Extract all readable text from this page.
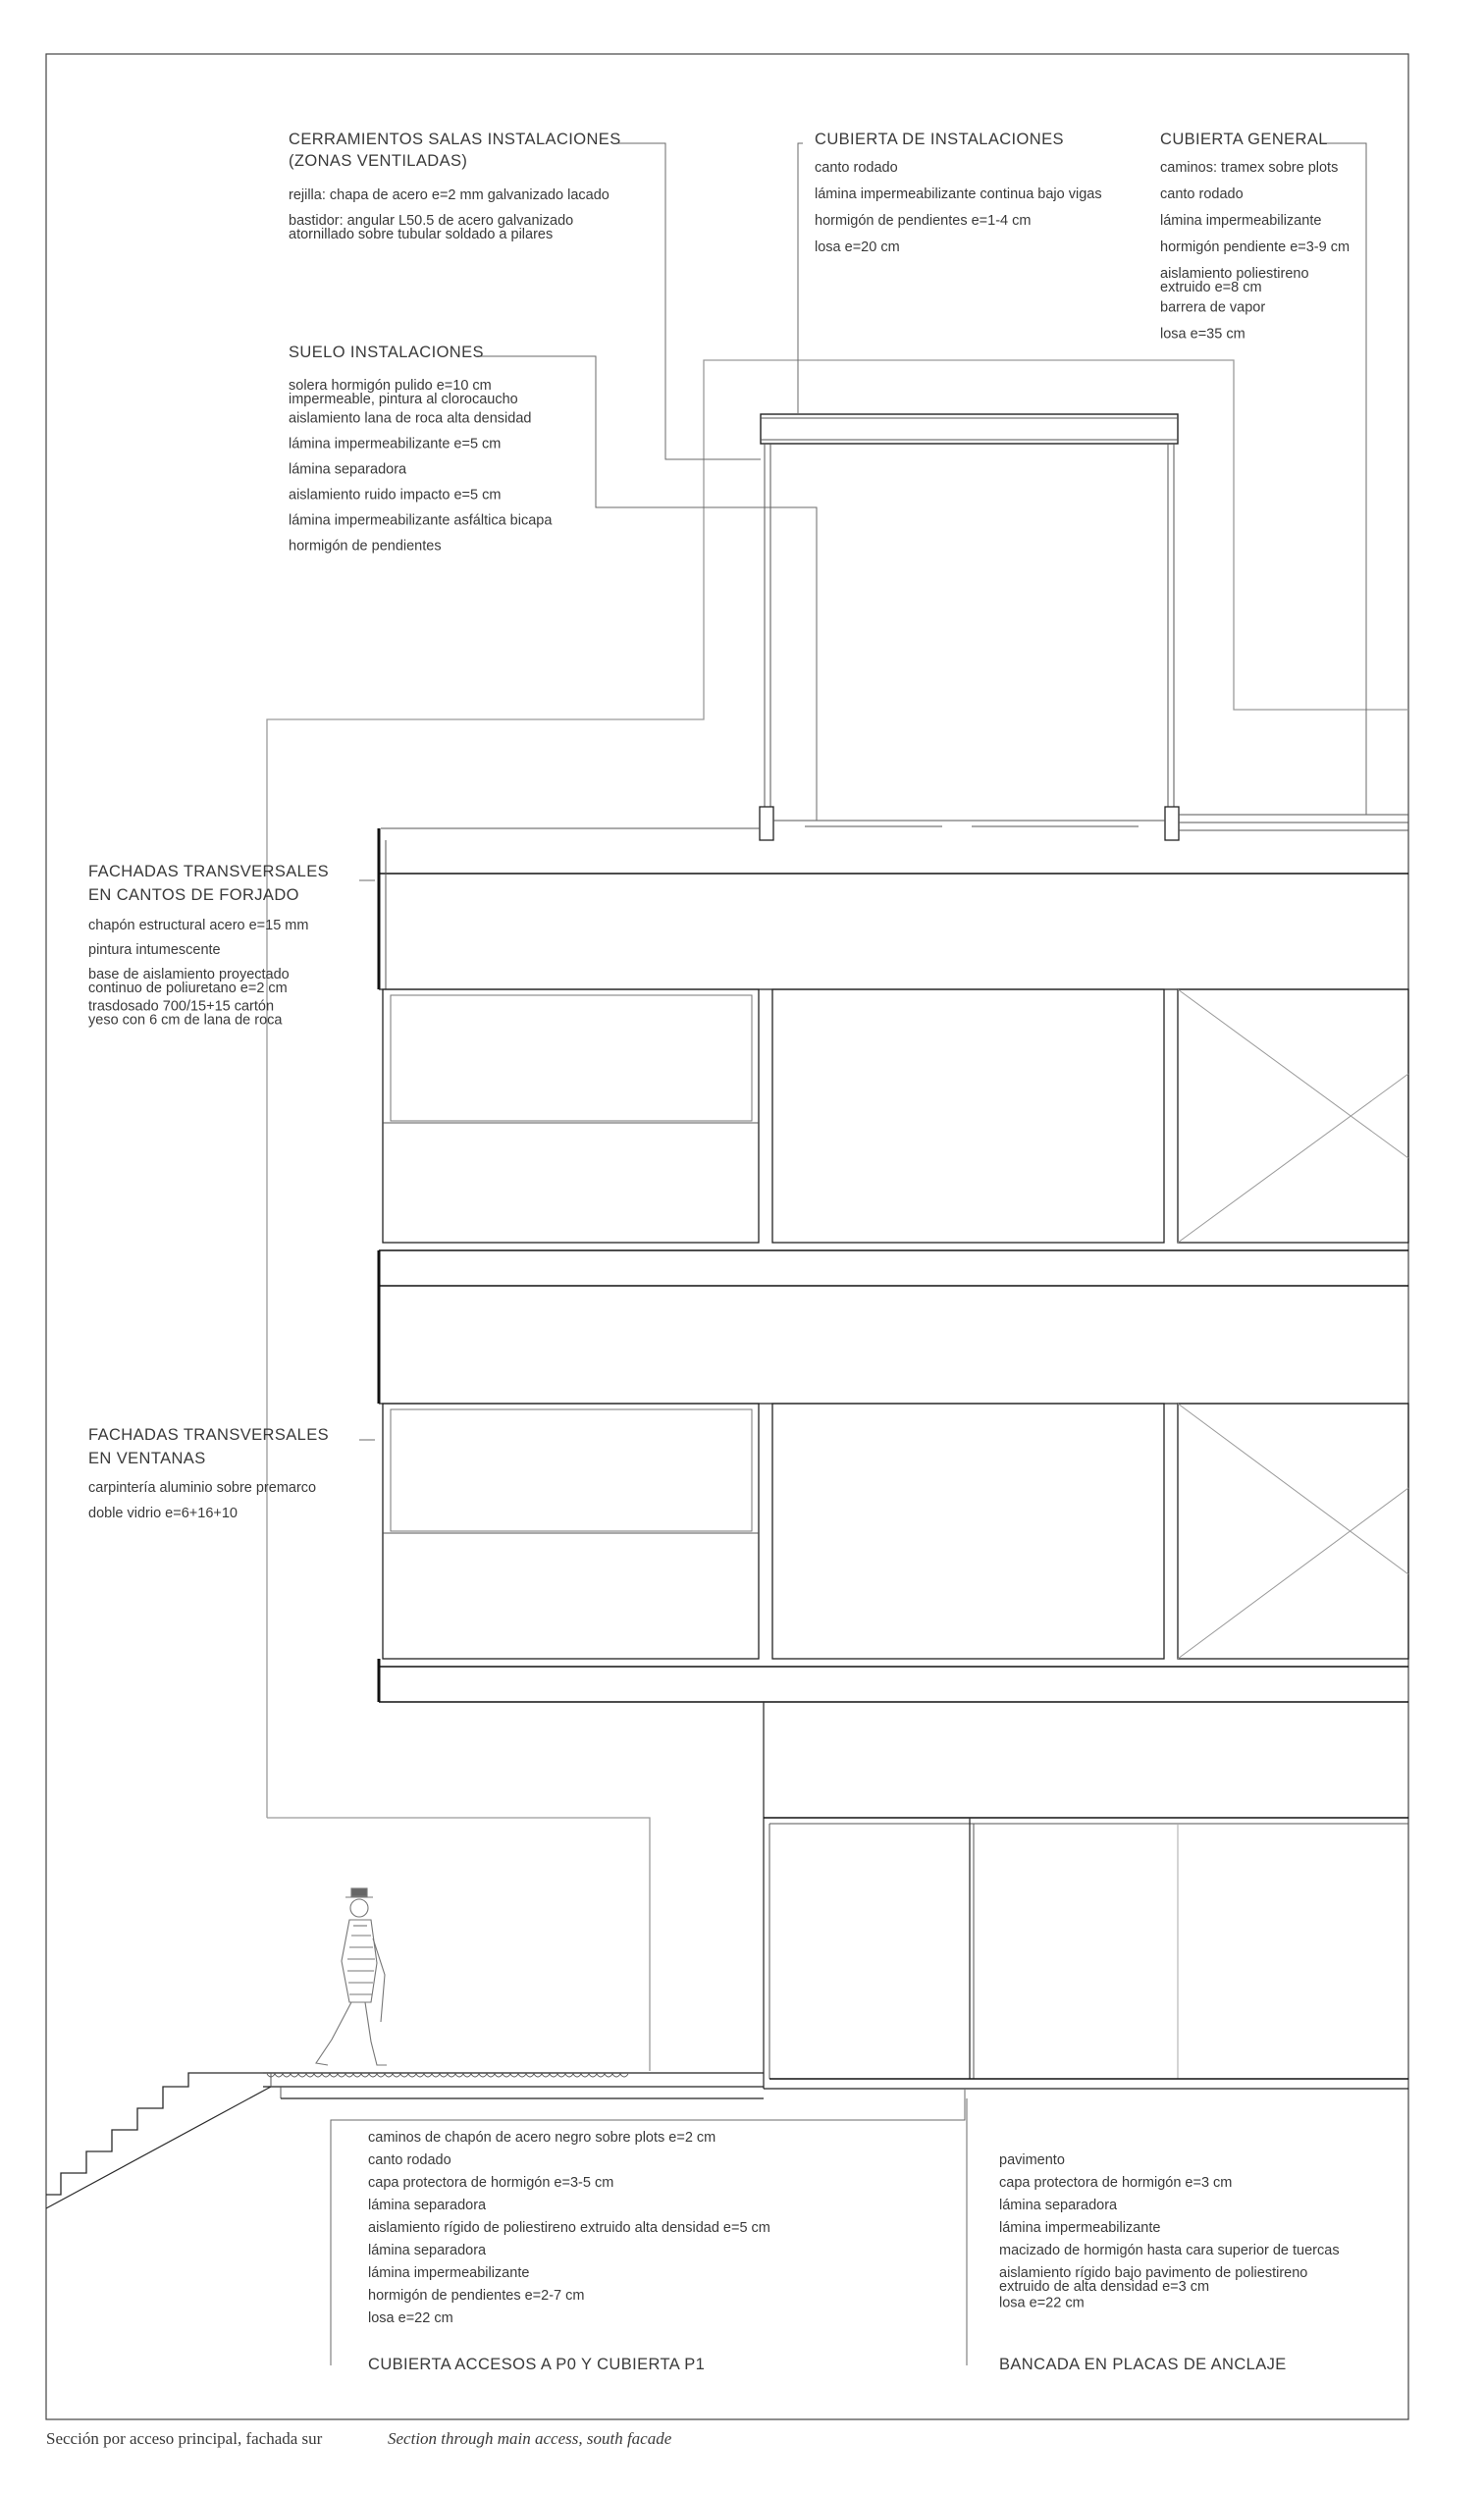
CERRAMIENTOS SALAS INSTALACIONES
(ZONAS VENTILADAS)
rejilla: chapa de acero e=2 mm galvanizado lacado
bastidor: angular L50.5 de acero galvanizado
atornillado sobre tubular soldado a pilares
CUBIERTA DE INSTALACIONES
canto rodado
lámina impermeabilizante continua bajo vigas
hormigón de pendientes e=1-4 cm
losa e=20 cm
CUBIERTA GENERAL
caminos: tramex sobre plots
canto rodado
lámina impermeabilizante
hormigón pendiente e=3-9 cm
aislamiento poliestireno
extruido e=8 cm
barrera de vapor
losa e=35 cm
SUELO INSTALACIONES
solera hormigón pulido e=10 cm
impermeable, pintura al clorocaucho
aislamiento lana de roca alta densidad
lámina impermeabilizante e=5 cm
lámina separadora
aislamiento ruido impacto e=5 cm
lámina impermeabilizante asfáltica bicapa
hormigón de pendientes
FACHADAS TRANSVERSALES
EN CANTOS DE FORJADO
chapón estructural acero e=15 mm
pintura intumescente
base de aislamiento proyectado
continuo de poliuretano e=2 cm
trasdosado 700/15+15 cartón
yeso con 6 cm de lana de roca
FACHADAS TRANSVERSALES
EN VENTANAS
carpintería aluminio sobre premarco
doble vidrio e=6+16+10
CUBIERTA ACCESOS A P0 Y CUBIERTA P1
caminos de chapón de acero negro sobre plots e=2 cm
canto rodado
capa protectora de hormigón e=3-5 cm
lámina separadora
aislamiento rígido de poliestireno extruido alta densidad e=5 cm
lámina separadora
lámina impermeabilizante
hormigón de pendientes e=2-7 cm
losa e=22 cm
BANCADA EN PLACAS DE ANCLAJE
pavimento
capa protectora de hormigón e=3 cm
lámina separadora
lámina impermeabilizante
macizado de hormigón hasta cara superior de tuercas
aislamiento rígido bajo pavimento de poliestireno
extruido de alta densidad e=3 cm
losa e=22 cm
Sección por acceso principal, fachada sur	Section through main access, south facade
